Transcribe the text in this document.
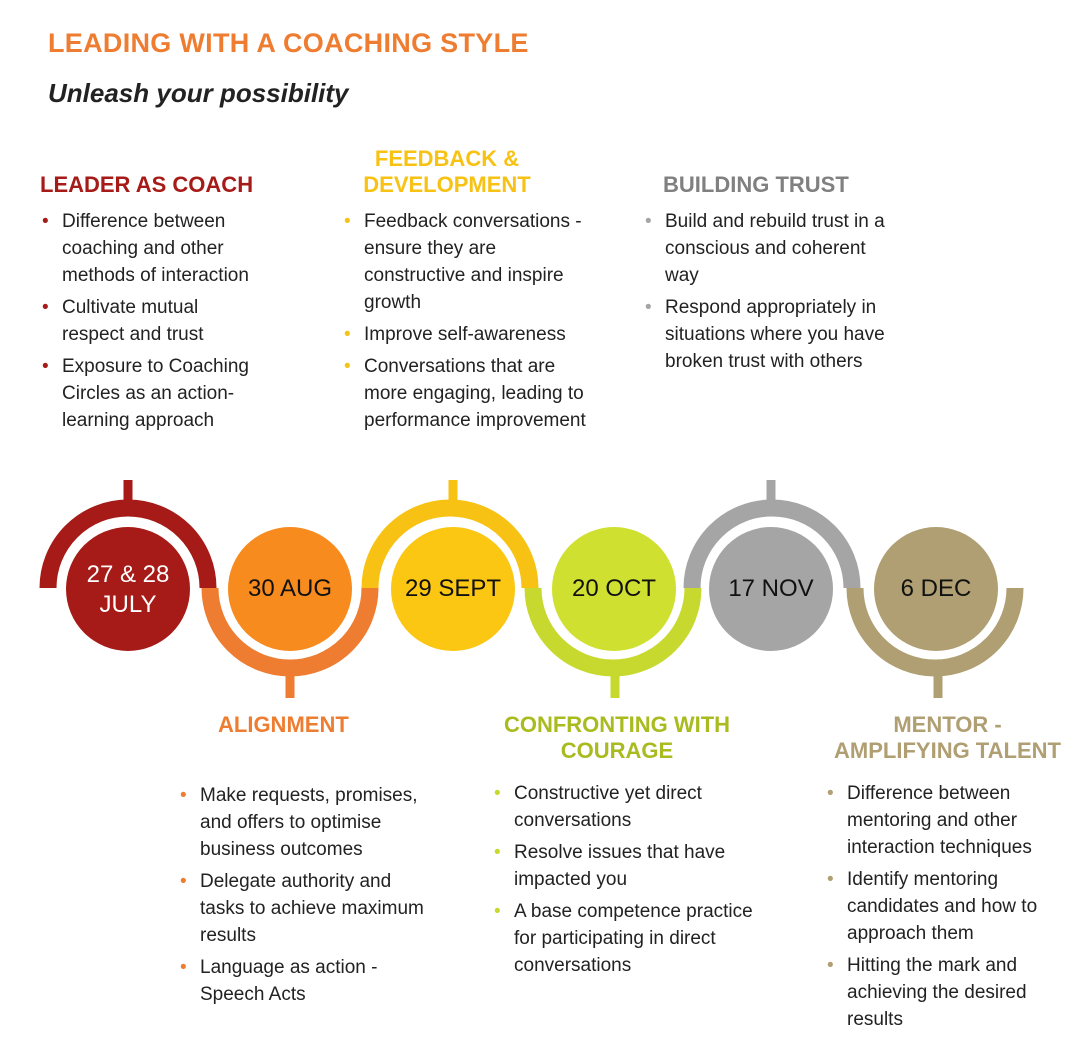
LEADING WITH A COACHING STYLE
Unleash your possibility
LEADER AS COACH
• Difference between coaching and other methods of interaction
• Cultivate mutual respect and trust
• Exposure to Coaching Circles as an action-learning approach
FEEDBACK & DEVELOPMENT
• Feedback conversations - ensure they are constructive and inspire growth
• Improve self-awareness
• Conversations that are more engaging, leading to performance improvement
BUILDING TRUST
• Build and rebuild trust in a conscious and coherent way
• Respond appropriately in situations where you have broken trust with others
27 & 28 JULY
30 AUG	29 SEPT	20 OCT	17 NOV	6 DEC
ALIGNMENT
• Make requests, promises, and offers to optimise business outcomes
• Delegate authority and tasks to achieve maximum results
• Language as action - Speech Acts
CONFRONTING WITH COURAGE
• Constructive yet direct conversations
• Resolve issues that have impacted you
• A base competence practice for participating in direct conversations
MENTOR - AMPLIFYING TALENT
• Difference between mentoring and other interaction techniques
• Identify mentoring candidates and how to approach them
• Hitting the mark and achieving the desired results
